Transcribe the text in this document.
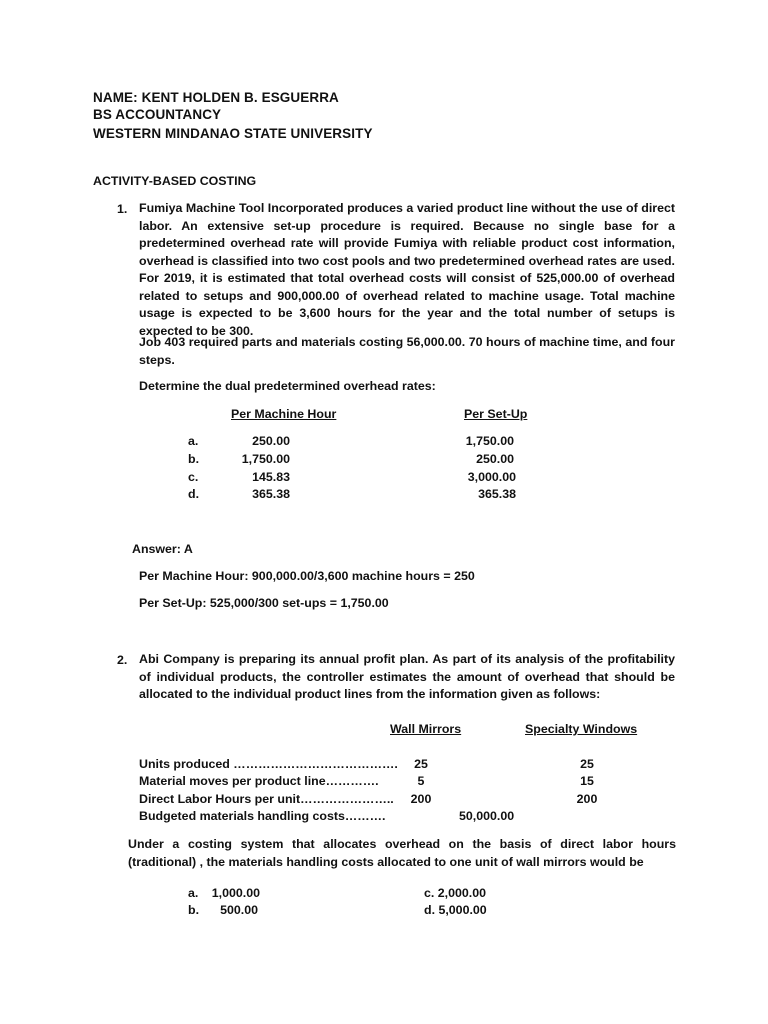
NAME: KENT HOLDEN B. ESGUERRA
BS ACCOUNTANCY
WESTERN MINDANAO STATE UNIVERSITY
ACTIVITY-BASED COSTING
1. Fumiya Machine Tool Incorporated produces a varied product line without the use of direct labor. An extensive set-up procedure is required. Because no single base for a predetermined overhead rate will provide Fumiya with reliable product cost information, overhead is classified into two cost pools and two predetermined overhead rates are used. For 2019, it is estimated that total overhead costs will consist of 525,000.00 of overhead related to setups and 900,000.00 of overhead related to machine usage. Total machine usage is expected to be 3,600 hours for the year and the total number of setups is expected to be 300.
Job 403 required parts and materials costing 56,000.00. 70 hours of machine time, and four steps.
Determine the dual predetermined overhead rates:
Per Machine Hour	Per Set-Up
a.	250.00	1,750.00
b.	1,750.00	250.00
c.	145.83	3,000.00
d.	365.38	365.38
Answer: A
Per Machine Hour: 900,000.00/3,600 machine hours = 250
Per Set-Up: 525,000/300 set-ups = 1,750.00
2. Abi Company is preparing its annual profit plan. As part of its analysis of the profitability of individual products, the controller estimates the amount of overhead that should be allocated to the individual product lines from the information given as follows:
Wall Mirrors	Specialty Windows
Units produced ………………………………….	25	25
Material moves per product line………….	5	15
Direct Labor Hours per unit…………………..	200	200
Budgeted materials handling costs……….	50,000.00
Under a costing system that allocates overhead on the basis of direct labor hours (traditional) , the materials handling costs allocated to one unit of wall mirrors would be
a.	1,000.00
b.	500.00
c. 2,000.00
d. 5,000.00
